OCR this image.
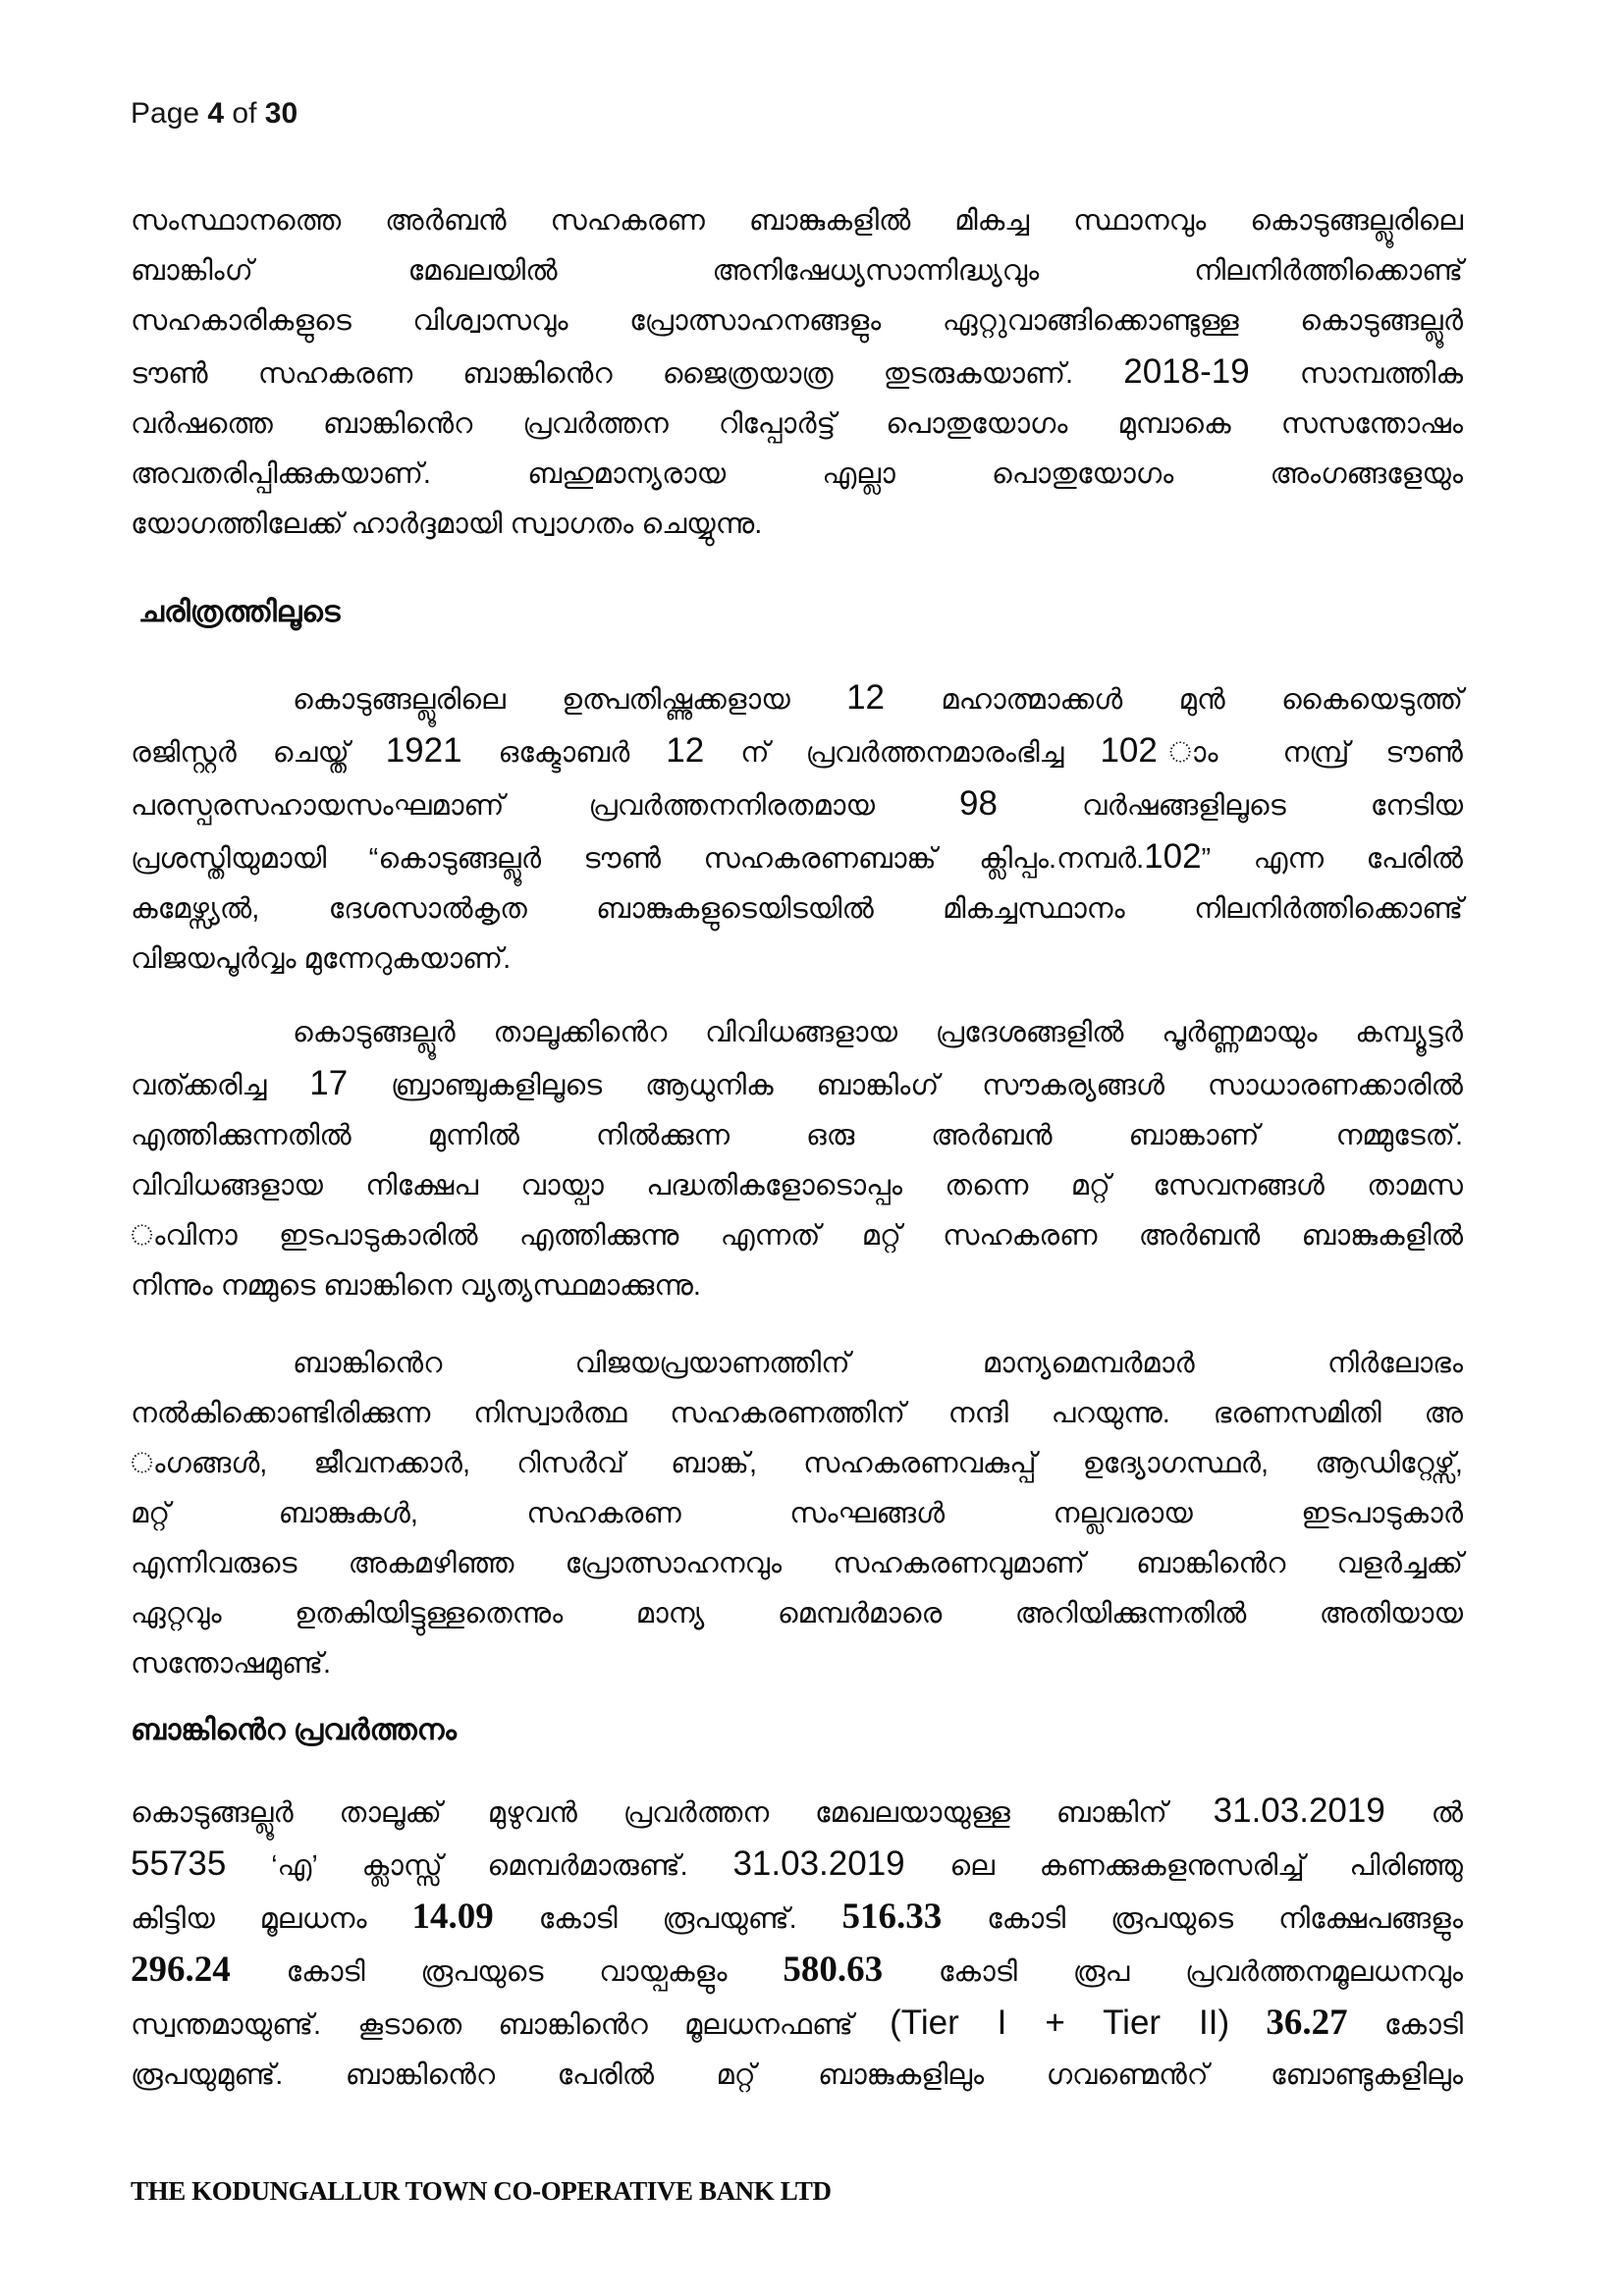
Page 4 of 30
സംസ്ഥാനത്തെ അർബൻ സഹകരണ ബാങ്കുകളിൽ മികച്ച സ്ഥാനവും കൊടുങ്ങല്ലൂരിലെ
ബാങ്കിംഗ് മേഖലയിൽ അനിഷേധ്യസാന്നിദ്ധ്യവും നിലനിർത്തിക്കൊണ്ട്
സഹകാരികളുടെ വിശ്വാസവും പ്രോത്സാഹനങ്ങളും ഏറ്റുവാങ്ങിക്കൊണ്ടുള്ള കൊടുങ്ങല്ലൂർ
ടൗൺ സഹകരണ ബാങ്കിൻെറ ജൈത്രയാത്ര തുടരുകയാണ്. 2018-19 സാമ്പത്തിക
വർഷത്തെ ബാങ്കിൻെറ പ്രവർത്തന റിപ്പോർട്ട് പൊതുയോഗം മുമ്പാകെ സസന്തോഷം
അവതരിപ്പിക്കുകയാണ്. ബഹുമാന്യരായ എല്ലാ പൊതുയോഗം അംഗങ്ങളേയും
യോഗത്തിലേക്ക് ഹാർദ്ദമായി സ്വാഗതം ചെയ്യുന്നു.
ചരിത്രത്തിലൂടെ
കൊടുങ്ങല്ലൂരിലെ ഉത്പതിഷ്ണുക്കളായ 12 മഹാത്മാക്കൾ മുൻ കൈയെടുത്ത്
രജിസ്റ്റർ ചെയ്ത് 1921 ഒക്ടോബർ 12 ന് പ്രവർത്തനമാരംഭിച്ച 102 ാം നമ്പ്ര് ടൗൺ
പരസ്പരസഹായസംഘമാണ് പ്രവർത്തനനിരതമായ 98 വർഷങ്ങളിലൂടെ നേടിയ
പ്രശസ്തിയുമായി “കൊടുങ്ങല്ലൂർ ടൗൺ സഹകരണബാങ്ക് ക്ലിപ്പം.നമ്പർ.102” എന്ന പേരിൽ
കമേഴ്സ്യൽ, ദേശസാൽകൃത ബാങ്കുകളുടെയിടയിൽ മികച്ചസ്ഥാനം നിലനിർത്തിക്കൊണ്ട്
വിജയപൂർവ്വം മുന്നേറുകയാണ്.
കൊടുങ്ങല്ലൂർ താലൂക്കിൻെറ വിവിധങ്ങളായ പ്രദേശങ്ങളിൽ പൂർണ്ണമായും കമ്പ്യൂട്ടർ
വത്ക്കരിച്ച 17 ബ്രാഞ്ചുകളിലൂടെ ആധുനിക ബാങ്കിംഗ് സൗകര്യങ്ങൾ സാധാരണക്കാരിൽ
എത്തിക്കുന്നതിൽ മുന്നിൽ നിൽക്കുന്ന ഒരു അർബൻ ബാങ്കാണ് നമ്മുടേത്.
വിവിധങ്ങളായ നിക്ഷേപ വായ്പാ പദ്ധതികളോടൊപ്പം തന്നെ മറ്റ് സേവനങ്ങൾ താമസ
ംവിനാ ഇടപാടുകാരിൽ എത്തിക്കുന്നു എന്നത് മറ്റ് സഹകരണ അർബൻ ബാങ്കുകളിൽ
നിന്നും നമ്മുടെ ബാങ്കിനെ വ്യത്യസ്ഥമാക്കുന്നു.
ബാങ്കിൻെറ വിജയപ്രയാണത്തിന് മാന്യമെമ്പർമാർ നിർലോഭം
നൽകിക്കൊണ്ടിരിക്കുന്ന നിസ്വാർത്ഥ സഹകരണത്തിന് നന്ദി പറയുന്നു. ഭരണസമിതി അ
ംഗങ്ങൾ, ജീവനക്കാർ, റിസർവ് ബാങ്ക്, സഹകരണവകുപ്പ് ഉദ്യോഗസ്ഥർ, ആഡിറ്റേഴ്സ്,
മറ്റ് ബാങ്കുകൾ, സഹകരണ സംഘങ്ങൾ നല്ലവരായ ഇടപാടുകാർ
എന്നിവരുടെ അകമഴിഞ്ഞ പ്രോത്സാഹനവും സഹകരണവുമാണ് ബാങ്കിൻെറ വളർച്ചക്ക്
ഏറ്റവും ഉതകിയിട്ടുള്ളതെന്നും മാന്യ മെമ്പർമാരെ അറിയിക്കുന്നതിൽ അതിയായ
സന്തോഷമുണ്ട്.
ബാങ്കിൻെറ പ്രവർത്തനം
കൊടുങ്ങല്ലൂർ താലൂക്ക് മുഴുവൻ പ്രവർത്തന മേഖലയായുള്ള ബാങ്കിന് 31.03.2019 ൽ
55735 ‘എ’ ക്ലാസ്സ് മെമ്പർമാരുണ്ട്. 31.03.2019 ലെ കണക്കുകളനുസരിച്ച് പിരിഞ്ഞു
കിട്ടിയ മൂലധനം 14.09 കോടി രൂപയുണ്ട്. 516.33 കോടി രൂപയുടെ നിക്ഷേപങ്ങളും
296.24 കോടി രൂപയുടെ വായ്പകളും 580.63 കോടി രൂപ പ്രവർത്തനമൂലധനവും
സ്വന്തമായുണ്ട്. കൂടാതെ ബാങ്കിൻെറ മൂലധനഫണ്ട് (Tier I + Tier II) 36.27 കോടി
രൂപയുമുണ്ട്. ബാങ്കിൻെറ പേരിൽ മറ്റ് ബാങ്കുകളിലും ഗവണ്മെൻറ് ബോണ്ടുകളിലും
THE KODUNGALLUR TOWN CO-OPERATIVE BANK LTD
